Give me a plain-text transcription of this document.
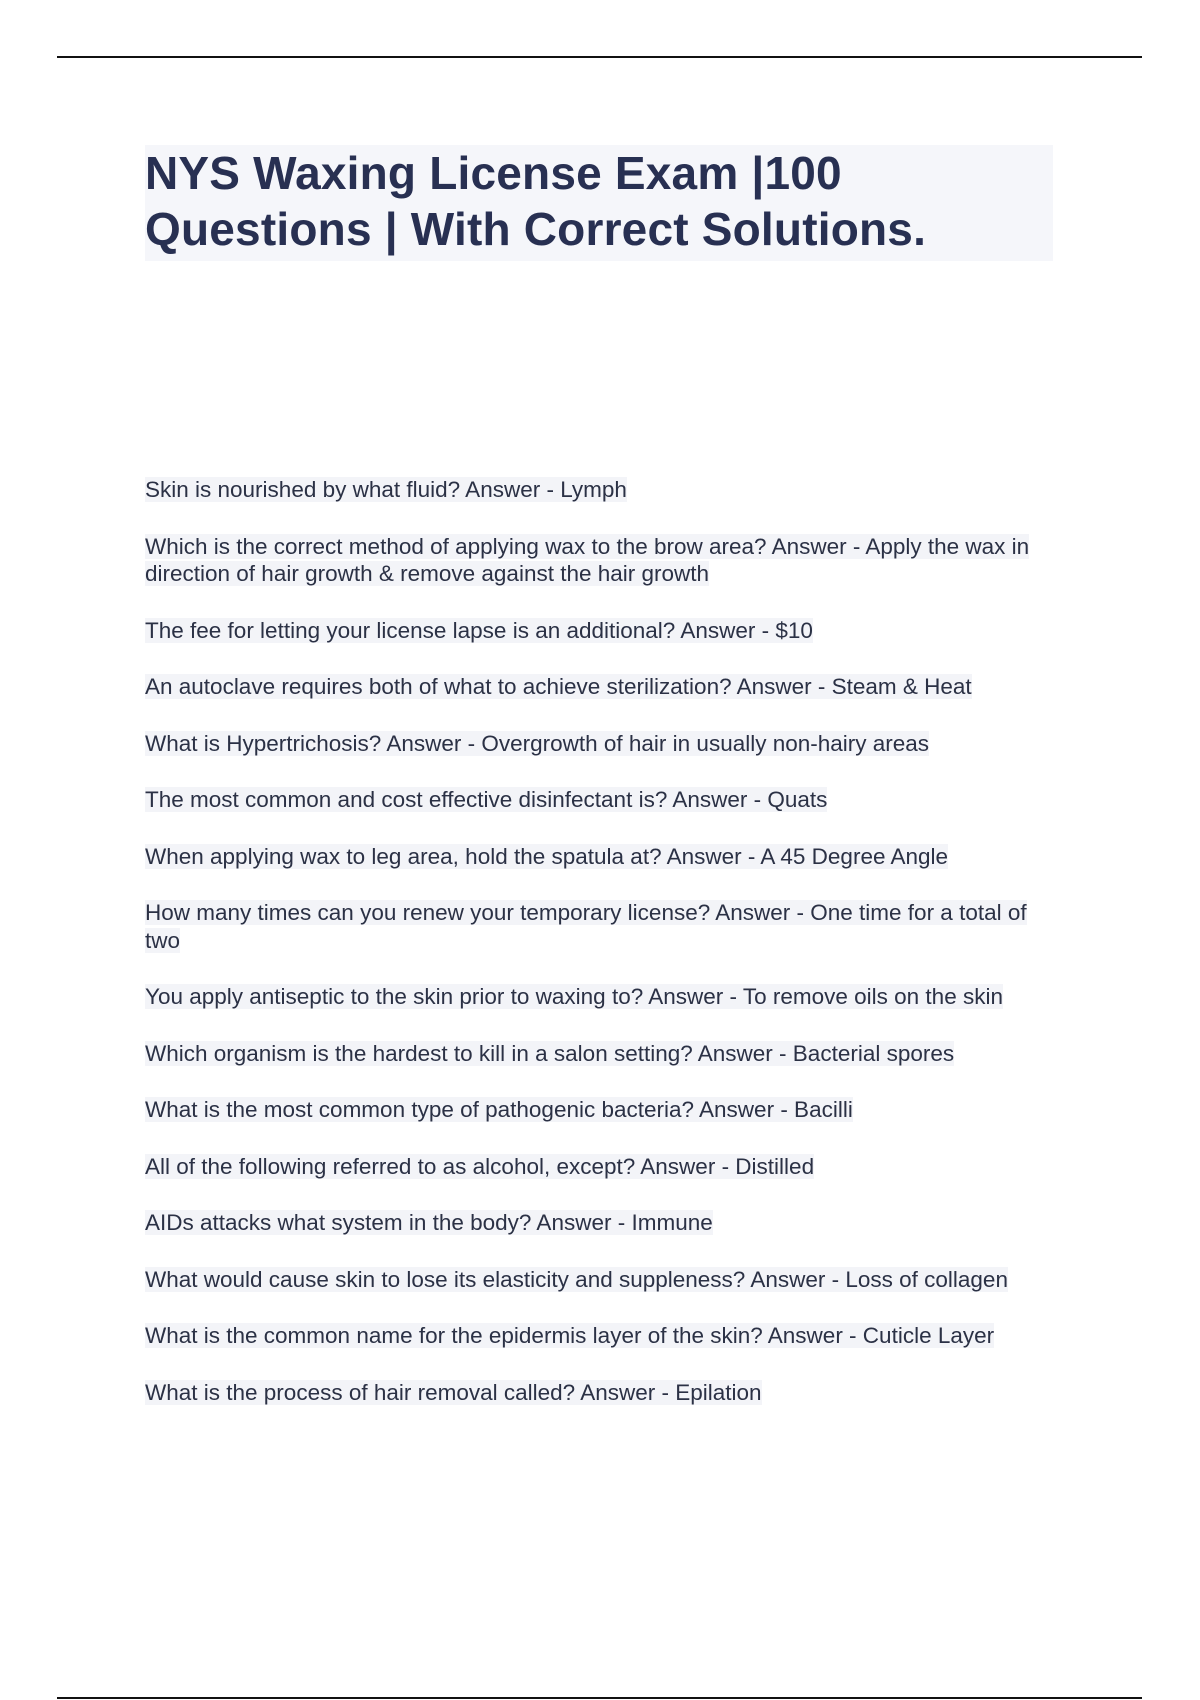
NYS Waxing License Exam |100 Questions | With Correct Solutions.
Skin is nourished by what fluid? Answer - Lymph
Which is the correct method of applying wax to the brow area? Answer - Apply the wax in direction of hair growth & remove against the hair growth
The fee for letting your license lapse is an additional? Answer - $10
An autoclave requires both of what to achieve sterilization? Answer - Steam & Heat
What is Hypertrichosis? Answer - Overgrowth of hair in usually non-hairy areas
The most common and cost effective disinfectant is? Answer - Quats
When applying wax to leg area, hold the spatula at? Answer - A 45 Degree Angle
How many times can you renew your temporary license? Answer - One time for a total of two
You apply antiseptic to the skin prior to waxing to? Answer - To remove oils on the skin
Which organism is the hardest to kill in a salon setting? Answer - Bacterial spores
What is the most common type of pathogenic bacteria? Answer - Bacilli
All of the following referred to as alcohol, except? Answer - Distilled
AIDs attacks what system in the body? Answer - Immune
What would cause skin to lose its elasticity and suppleness? Answer - Loss of collagen
What is the common name for the epidermis layer of the skin? Answer - Cuticle Layer
What is the process of hair removal called? Answer - Epilation
